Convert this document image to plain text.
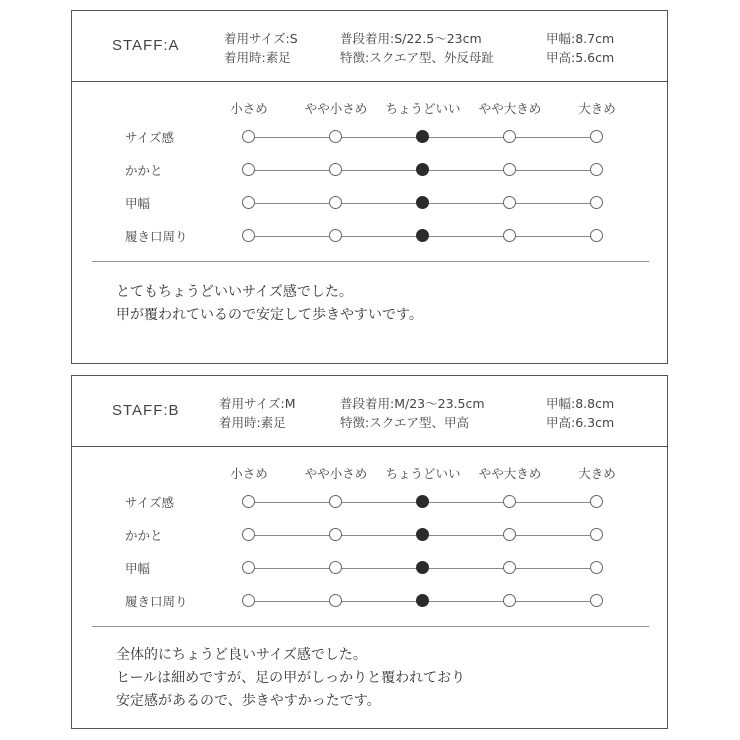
STAFF:A	着用サイズ:S	普段着用:S/22.5〜23cm	甲幅:8.7cm
着用時:素足	特徴:スクエア型、外反母趾	甲高:5.6cm
小さめ	やや小さめ	ちょうどいい	やや大きめ	大きめ
サイズ感
かかと
甲幅
履き口周り
とてもちょうどいいサイズ感でした。
甲が覆われているので安定して歩きやすいです。
STAFF:B	着用サイズ:M	普段着用:M/23〜23.5cm	甲幅:8.8cm
着用時:素足	特徴:スクエア型、甲高	甲高:6.3cm
小さめ	やや小さめ	ちょうどいい	やや大きめ	大きめ
サイズ感
かかと
甲幅
履き口周り
全体的にちょうど良いサイズ感でした。
ヒールは細めですが、足の甲がしっかりと覆われており
安定感があるので、歩きやすかったです。
